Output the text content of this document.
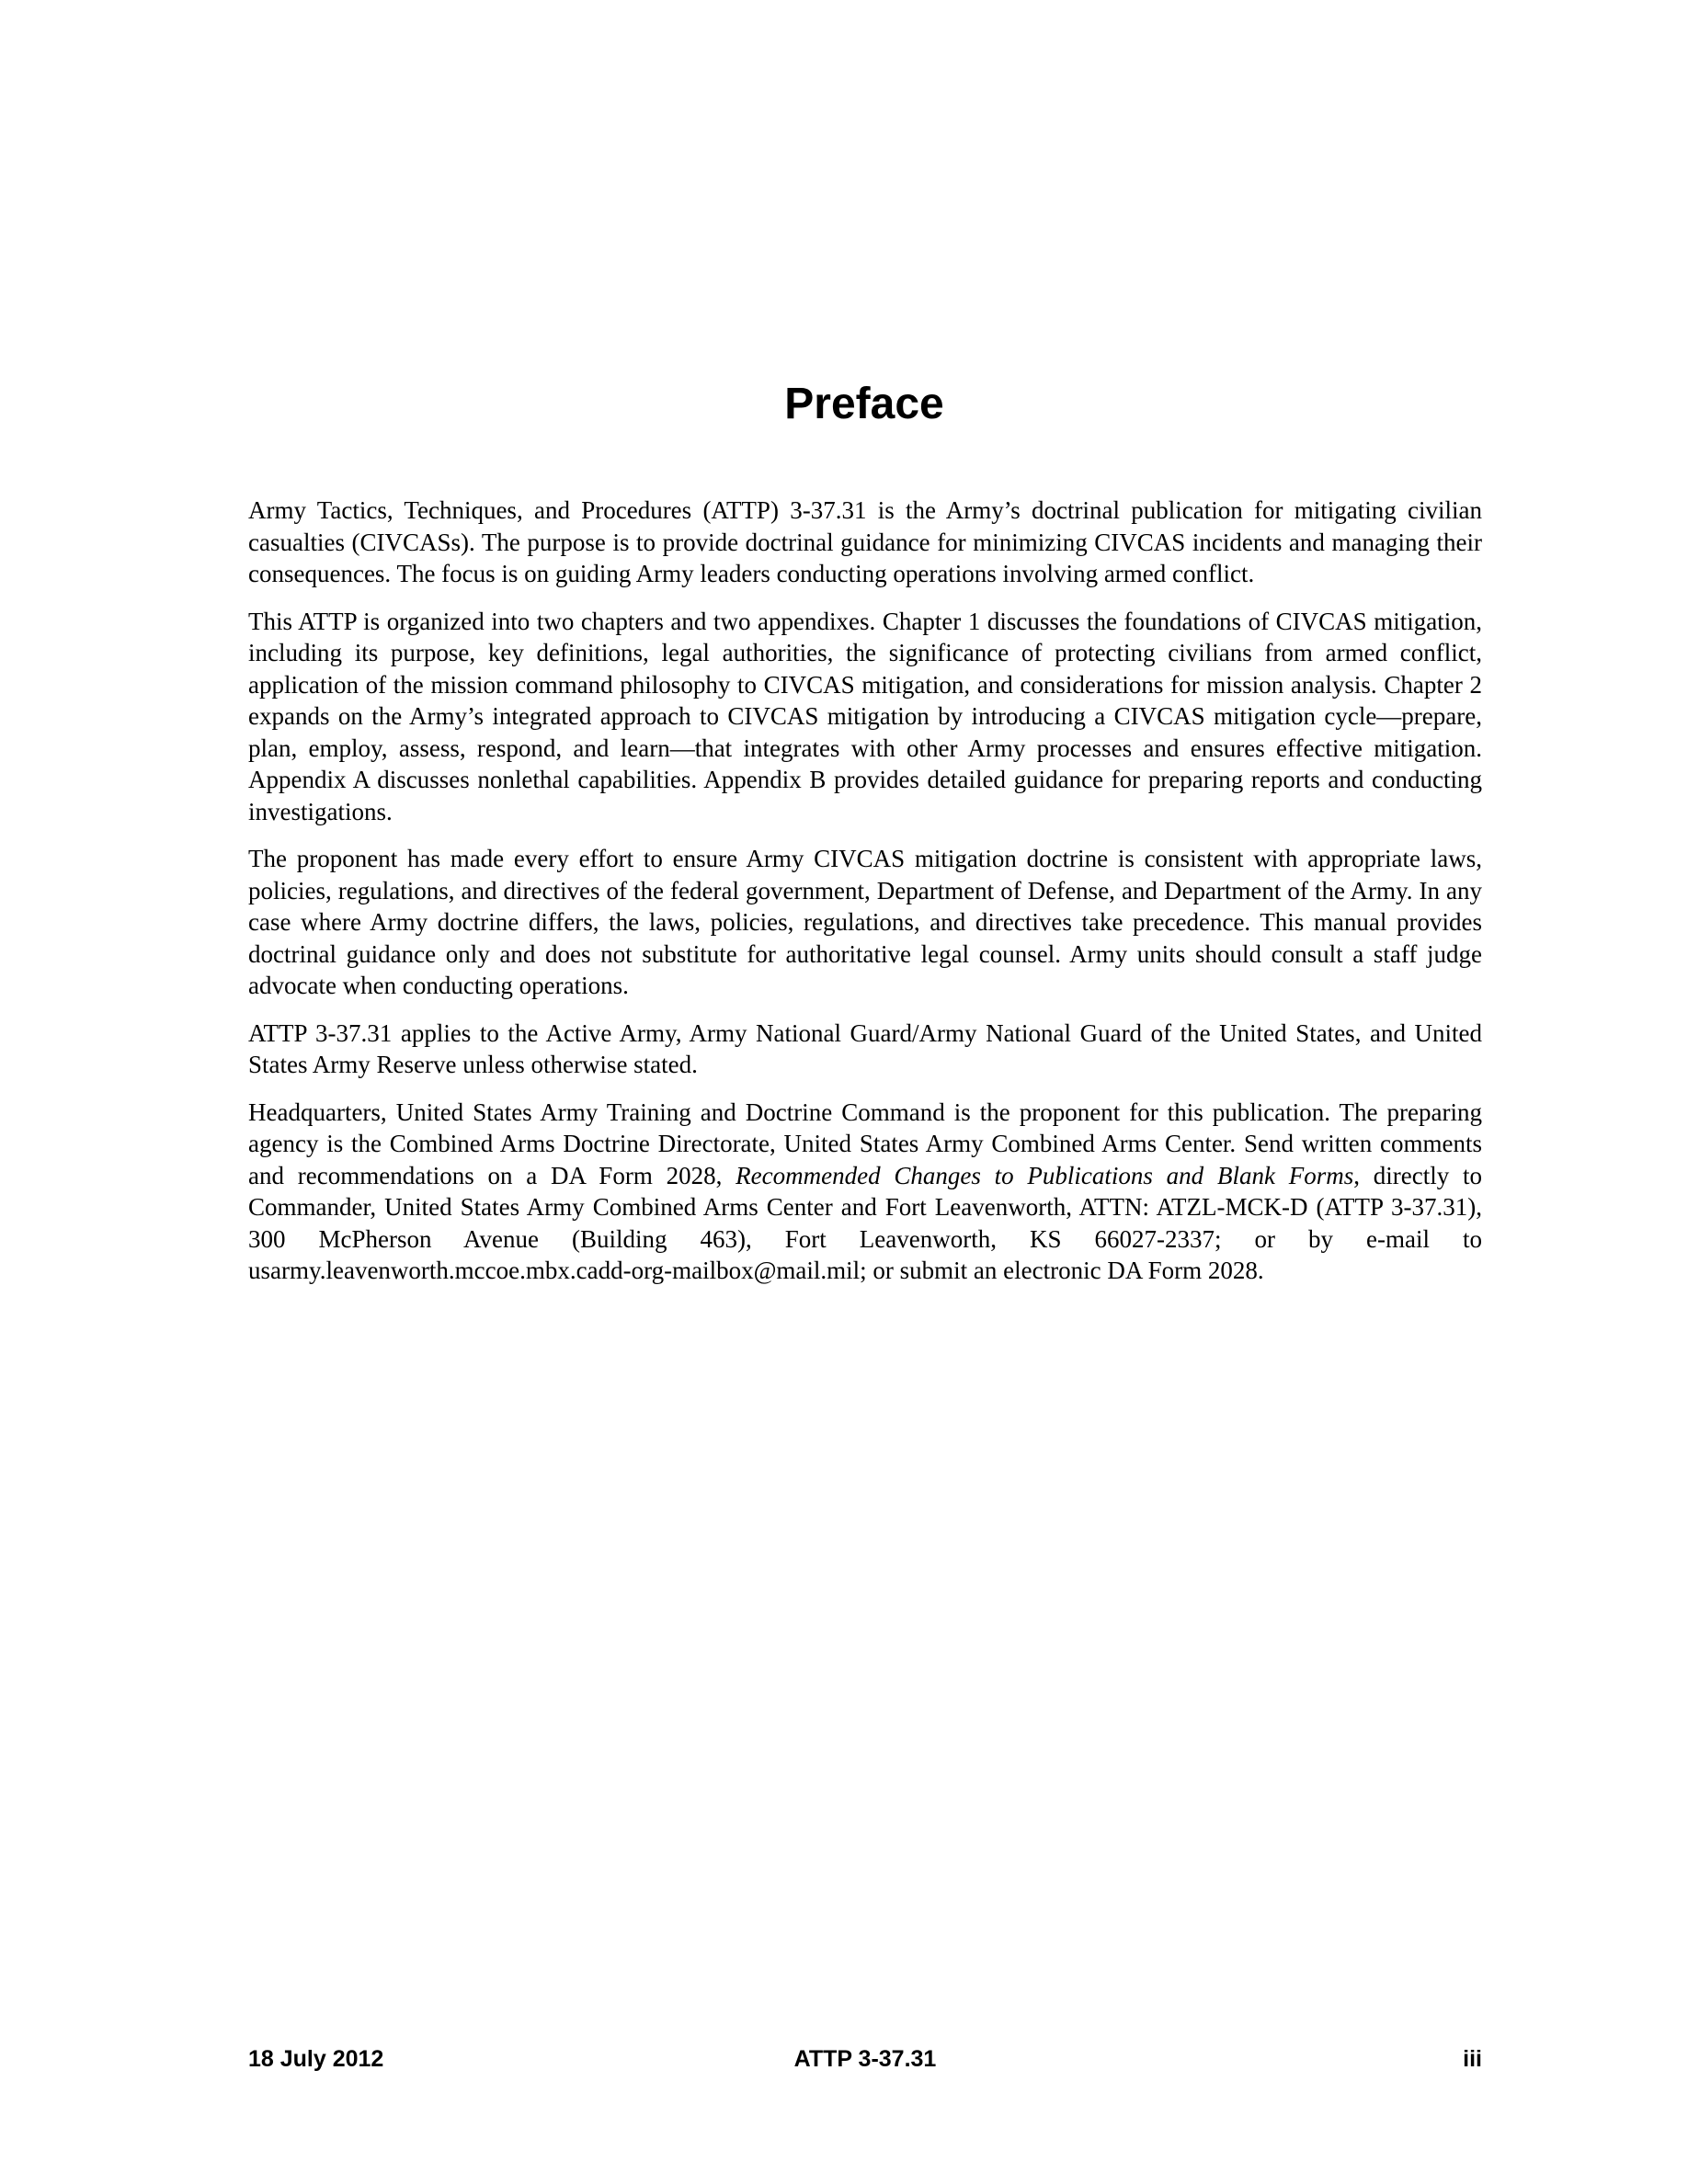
Preface

Army Tactics, Techniques, and Procedures (ATTP) 3-37.31 is the Army’s doctrinal publication for mitigating civilian casualties (CIVCASs). The purpose is to provide doctrinal guidance for minimizing CIVCAS incidents and managing their consequences. The focus is on guiding Army leaders conducting operations involving armed conflict.

This ATTP is organized into two chapters and two appendixes. Chapter 1 discusses the foundations of CIVCAS mitigation, including its purpose, key definitions, legal authorities, the significance of protecting civilians from armed conflict, application of the mission command philosophy to CIVCAS mitigation, and considerations for mission analysis. Chapter 2 expands on the Army’s integrated approach to CIVCAS mitigation by introducing a CIVCAS mitigation cycle—prepare, plan, employ, assess, respond, and learn—that integrates with other Army processes and ensures effective mitigation. Appendix A discusses nonlethal capabilities. Appendix B provides detailed guidance for preparing reports and conducting investigations.

The proponent has made every effort to ensure Army CIVCAS mitigation doctrine is consistent with appropriate laws, policies, regulations, and directives of the federal government, Department of Defense, and Department of the Army. In any case where Army doctrine differs, the laws, policies, regulations, and directives take precedence. This manual provides doctrinal guidance only and does not substitute for authoritative legal counsel. Army units should consult a staff judge advocate when conducting operations.

ATTP 3-37.31 applies to the Active Army, Army National Guard/Army National Guard of the United States, and United States Army Reserve unless otherwise stated.

Headquarters, United States Army Training and Doctrine Command is the proponent for this publication. The preparing agency is the Combined Arms Doctrine Directorate, United States Army Combined Arms Center. Send written comments and recommendations on a DA Form 2028, Recommended Changes to Publications and Blank Forms, directly to Commander, United States Army Combined Arms Center and Fort Leavenworth, ATTN: ATZL-MCK-D (ATTP 3-37.31), 300 McPherson Avenue (Building 463), Fort Leavenworth, KS 66027-2337; or by e-mail to usarmy.leavenworth.mccoe.mbx.cadd-org-mailbox@mail.mil; or submit an electronic DA Form 2028.

18 July 2012	ATTP 3-37.31	iii
